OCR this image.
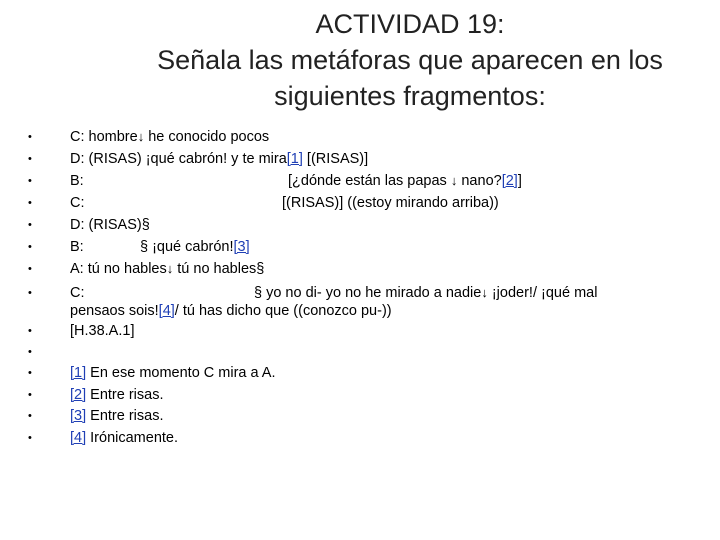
ACTIVIDAD 19:
Señala las metáforas que aparecen en los
siguientes fragmentos:
•	C: hombre↓ he conocido pocos
•	D: (RISAS) ¡qué cabrón! y te mira[1] [(RISAS)]
•	B:	[¿dónde están las papas ↓ nano?[2]]
•	C:	[(RISAS)] ((estoy mirando arriba))
•	D: (RISAS)§
•	B:	§ ¡qué cabrón![3]
•	A: tú no hables↓ tú no hables§
•	C:	§ yo no di- yo no he mirado a nadie↓ ¡joder!/ ¡qué mal
pensaos sois![4]/ tú has dicho que ((conozco pu-))
•	[H.38.A.1]
•
•	[1] En ese momento C mira a A.
•	[2] Entre risas.
•	[3] Entre risas.
•	[4] Irónicamente.
